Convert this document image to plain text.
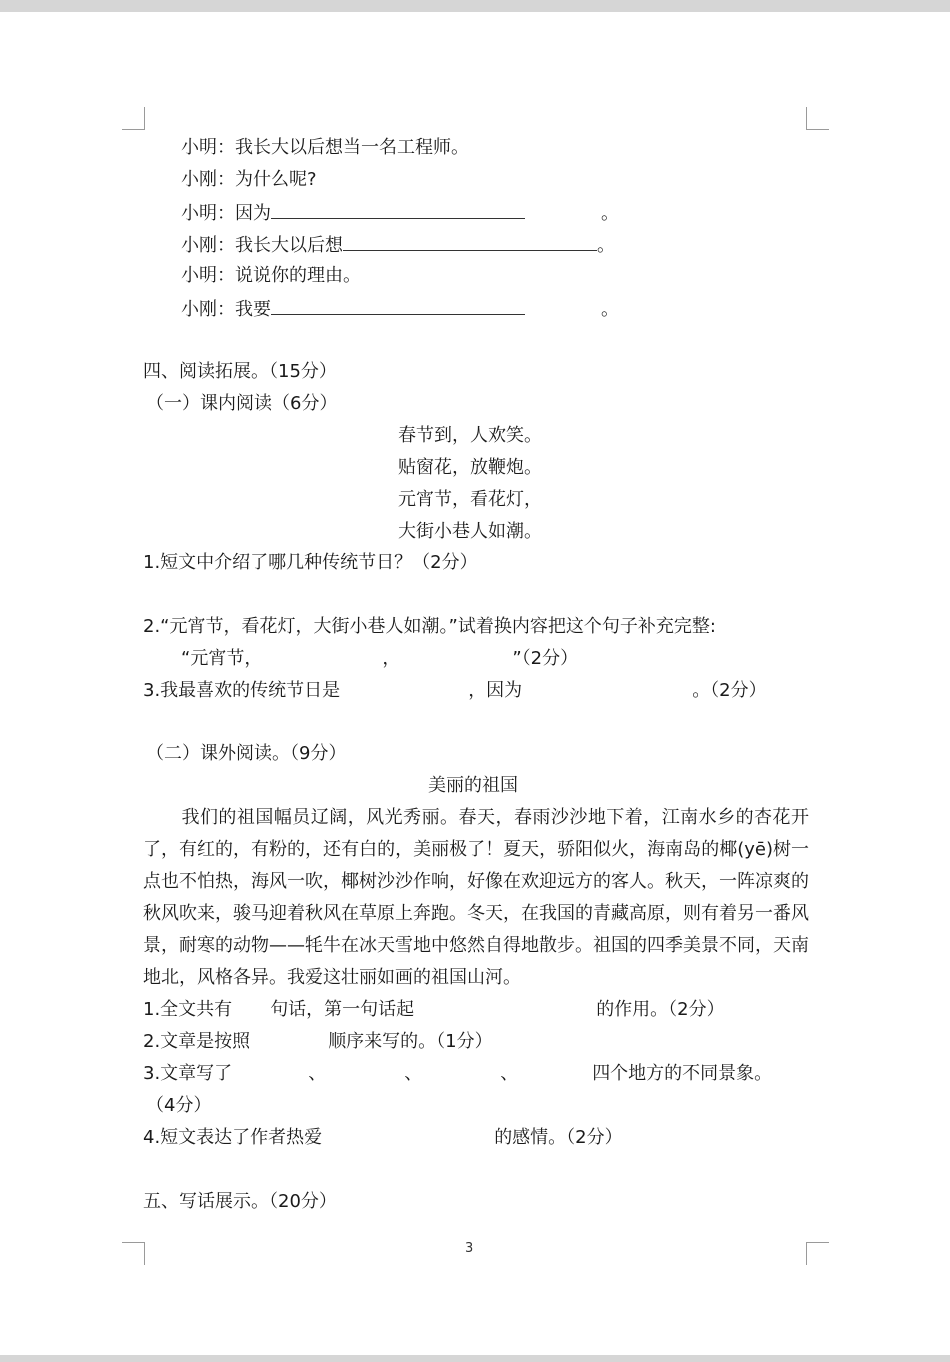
小明：我长大以后想当一名工程师。
小刚：为什么呢?
小明：因为	。
小刚：我长大以后想	。
小明：说说你的理由。
小刚：我要	。
四、阅读拓展。（15分）
（一）课内阅读（6分）
春节到，人欢笑。
贴窗花，放鞭炮。
元宵节，看花灯，
大街小巷人如潮。
1.短文中介绍了哪几种传统节日？（2分）
2.“元宵节，看花灯，大街小巷人如潮。”试着换内容把这个句子补充完整:
“元宵节，	，	”（2分）
3.我最喜欢的传统节日是	，因为	。（2分）
（二）课外阅读。（9分）
美丽的祖国
我们的祖国幅员辽阔，风光秀丽。春天，春雨沙沙地下着，江南水乡的杏花开了，有红的，有粉的，还有白的，美丽极了！夏天，骄阳似火，海南岛的椰(yē)树一点也不怕热，海风一吹，椰树沙沙作响，好像在欢迎远方的客人。秋天，一阵凉爽的秋风吹来，骏马迎着秋风在草原上奔跑。冬天，在我国的青藏高原，则有着另一番风景，耐寒的动物——牦牛在冰天雪地中悠然自得地散步。祖国的四季美景不同，天南地北，风格各异。我爱这壮丽如画的祖国山河。
1.全文共有 句话，第一句话起	的作用。（2分）
2.文章是按照	顺序来写的。（1分）
3.文章写了	、	、	、	四个地方的不同景象。
（4分）
4.短文表达了作者热爱	的感情。（2分）
五、写话展示。（20分）
3
